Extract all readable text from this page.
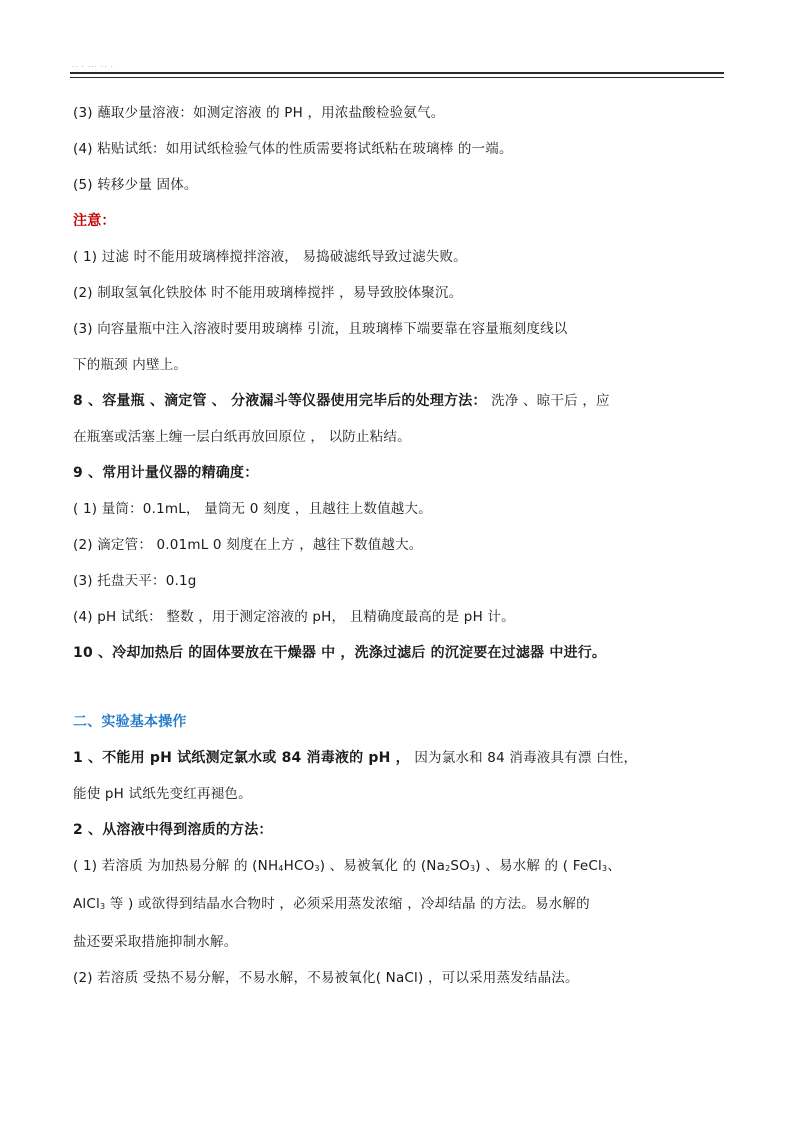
·· · ··· ·· ·
(3) 蘸取少量溶液：如测定溶液 的 PH ，用浓盐酸检验氨气。
(4) 粘贴试纸：如用试纸检验气体的性质需要将试纸粘在玻璃棒 的一端。
(5) 转移少量 固体。
注意：
( 1) 过滤 时不能用玻璃棒搅拌溶液， 易捣破滤纸导致过滤失败。
(2) 制取氢氧化铁胶体 时不能用玻璃棒搅拌 ，易导致胶体聚沉。
(3) 向容量瓶中注入溶液时要用玻璃棒 引流，且玻璃棒下端要靠在容量瓶刻度线以
下的瓶颈 内壁上。
8 、容量瓶 、滴定管 、 分液漏斗等仪器使用完毕后的处理方法： 洗净 、晾干后 ，应
在瓶塞或活塞上缠一层白纸再放回原位 ， 以防止粘结。
9 、常用计量仪器的精确度：
( 1) 量筒：0.1mL， 量筒无 0 刻度 ，且越往上数值越大。
(2) 滴定管： 0.01mL 0 刻度在上方 ，越往下数值越大。
(3) 托盘天平：0.1g
(4) pH 试纸： 整数 ，用于测定溶液的 pH， 且精确度最高的是 pH 计。
10 、冷却加热后 的固体要放在干燥器 中 ，洗涤过滤后 的沉淀要在过滤器 中进行。
二、实验基本操作
1 、不能用 pH 试纸测定氯水或 84 消毒液的 pH ， 因为氯水和 84 消毒液具有漂 白性，
能使 pH 试纸先变红再褪色。
2 、从溶液中得到溶质的方法：
( 1) 若溶质 为加热易分解 的 (NH4HCO3) 、易被氧化 的 (Na2SO3) 、易水解 的 ( FeCl3、
AlCl3 等 ) 或欲得到结晶水合物时 ，必须采用蒸发浓缩 ，冷却结晶 的方法。易水解的
盐还要采取措施抑制水解。
(2) 若溶质 受热不易分解，不易水解，不易被氧化( NaCl) ，可以采用蒸发结晶法。
